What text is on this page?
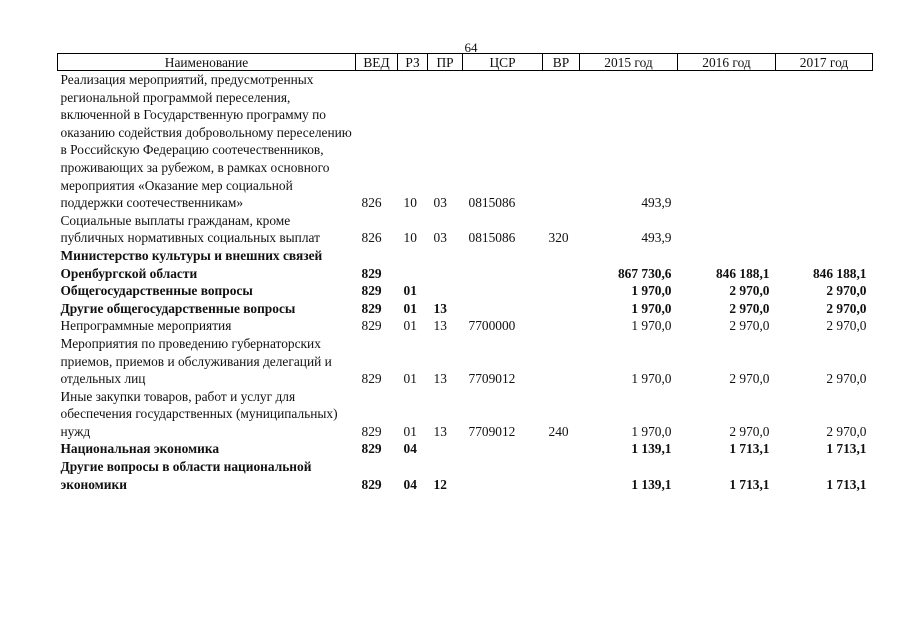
64
Наименование	ВЕД	РЗ	ПР	ЦСР	ВР	2015 год	2016 год	2017 год
Реализация мероприятий, предусмотренных региональной программой переселения, включенной в Государственную программу по оказанию содействия добровольному переселению в Российскую Федерацию соотечественников, проживающих за рубежом, в рамках основного мероприятия «Оказание мер социальной поддержки соотечественникам»	826	10	03	0815086		493,9		
Социальные выплаты гражданам, кроме публичных нормативных социальных выплат	826	10	03	0815086	320	493,9		
Министерство культуры и внешних связей Оренбургской области	829					867 730,6	846 188,1	846 188,1
Общегосударственные вопросы	829	01				1 970,0	2 970,0	2 970,0
Другие общегосударственные вопросы	829	01	13			1 970,0	2 970,0	2 970,0
Непрограммные мероприятия	829	01	13	7700000		1 970,0	2 970,0	2 970,0
Мероприятия по проведению губернаторских приемов, приемов и обслуживания делегаций и отдельных лиц	829	01	13	7709012		1 970,0	2 970,0	2 970,0
Иные закупки товаров, работ и услуг для обеспечения государственных (муниципальных) нужд	829	01	13	7709012	240	1 970,0	2 970,0	2 970,0
Национальная экономика	829	04				1 139,1	1 713,1	1 713,1
Другие вопросы в области национальной экономики	829	04	12			1 139,1	1 713,1	1 713,1
